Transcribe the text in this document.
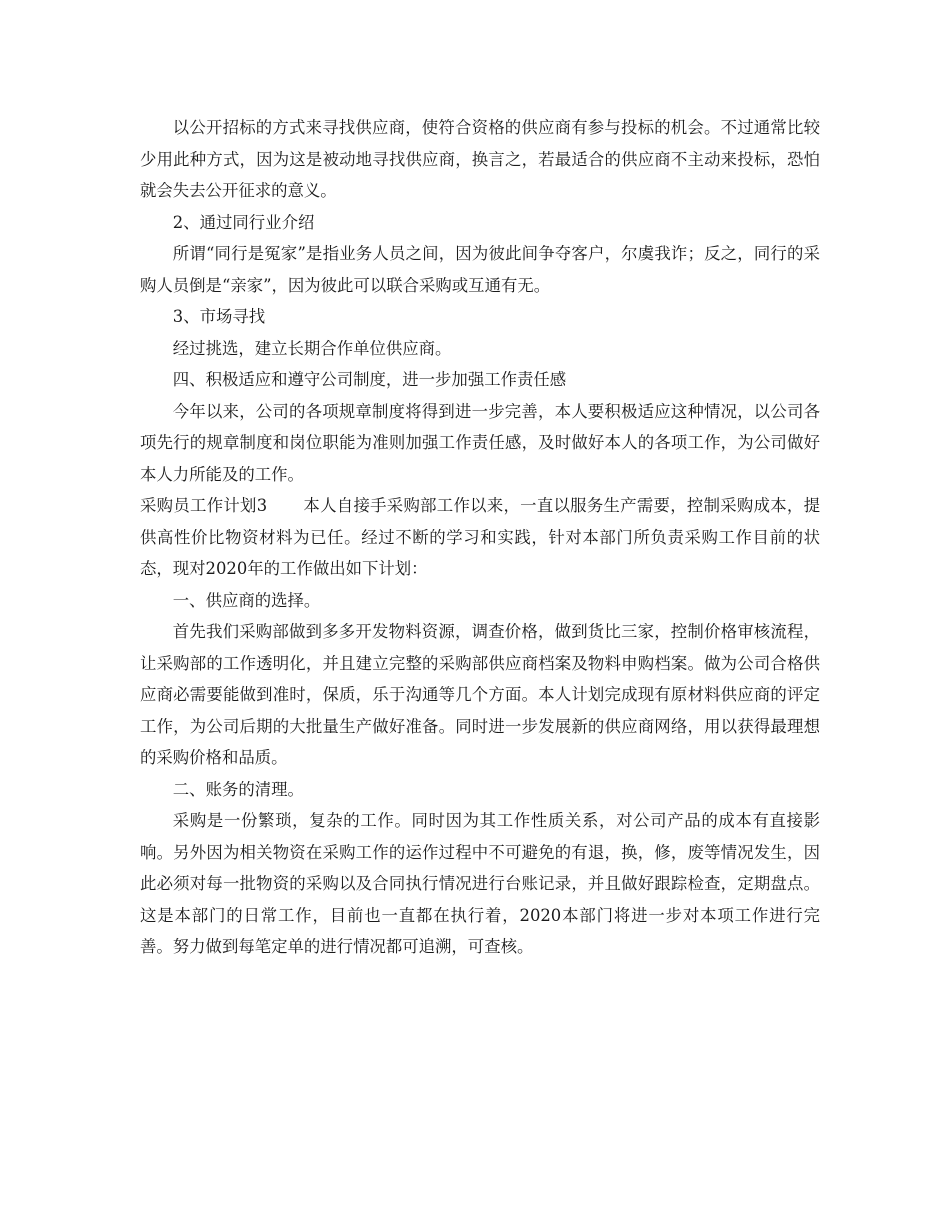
以公开招标的方式来寻找供应商，使符合资格的供应商有参与投标的机会。不过通常比较少用此种方式，因为这是被动地寻找供应商，换言之，若最适合的供应商不主动来投标，恐怕就会失去公开征求的意义。

2、通过同行业介绍

所谓“同行是冤家”是指业务人员之间，因为彼此间争夺客户，尔虞我诈；反之，同行的采购人员倒是“亲家”，因为彼此可以联合采购或互通有无。

3、市场寻找

经过挑选，建立长期合作单位供应商。

四、积极适应和遵守公司制度，进一步加强工作责任感

今年以来，公司的各项规章制度将得到进一步完善，本人要积极适应这种情况，以公司各项先行的规章制度和岗位职能为准则加强工作责任感，及时做好本人的各项工作，为公司做好本人力所能及的工作。

采购员工作计划3 本人自接手采购部工作以来，一直以服务生产需要，控制采购成本，提供高性价比物资材料为已任。经过不断的学习和实践，针对本部门所负责采购工作目前的状态，现对2020年的工作做出如下计划：

一、供应商的选择。

首先我们采购部做到多多开发物料资源，调查价格，做到货比三家，控制价格审核流程，让采购部的工作透明化，并且建立完整的采购部供应商档案及物料申购档案。做为公司合格供应商必需要能做到准时，保质，乐于沟通等几个方面。本人计划完成现有原材料供应商的评定工作，为公司后期的大批量生产做好准备。同时进一步发展新的供应商网络，用以获得最理想的采购价格和品质。

二、账务的清理。

采购是一份繁琐，复杂的工作。同时因为其工作性质关系，对公司产品的成本有直接影响。另外因为相关物资在采购工作的运作过程中不可避免的有退，换，修，废等情况发生，因此必须对每一批物资的采购以及合同执行情况进行台账记录，并且做好跟踪检查，定期盘点。这是本部门的日常工作，目前也一直都在执行着，2020本部门将进一步对本项工作进行完善。努力做到每笔定单的进行情况都可追溯，可查核。
